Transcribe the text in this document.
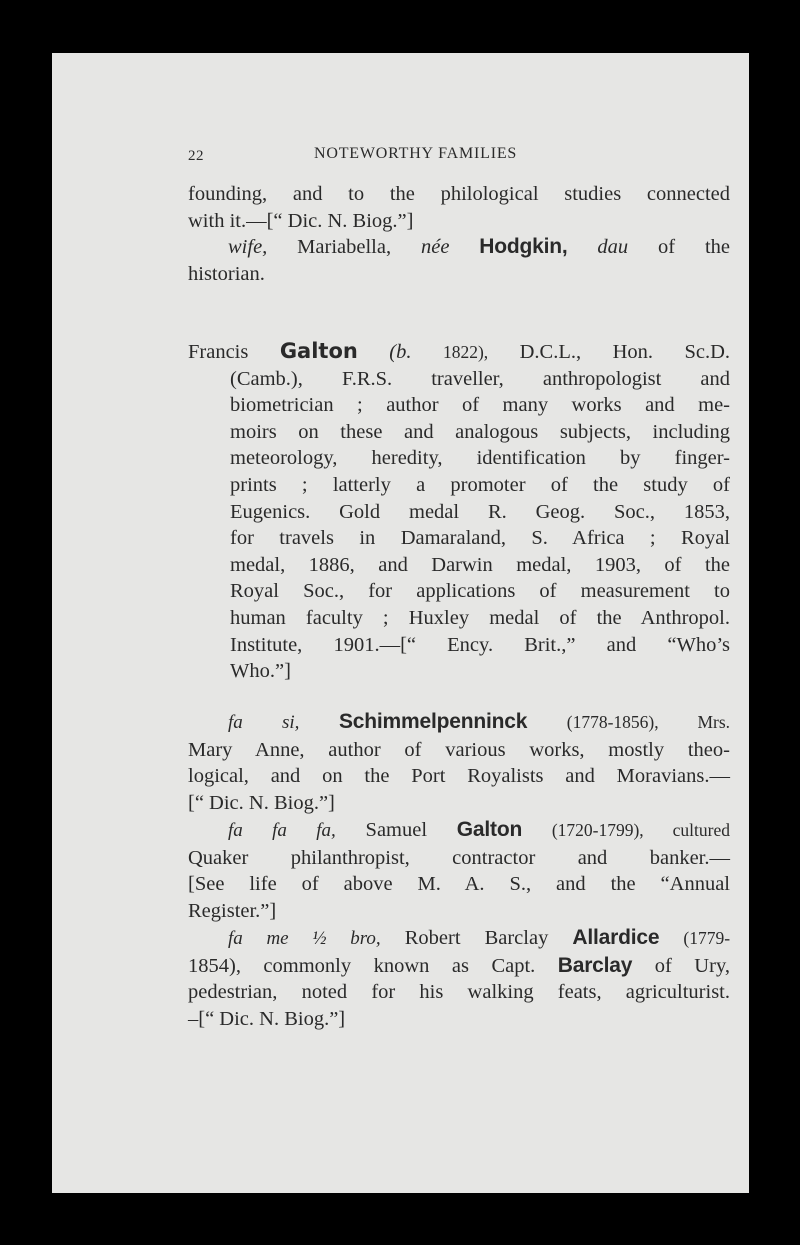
22	NOTEWORTHY FAMILIES
founding, and to the philological studies connected
with it.—[“ Dic. N. Biog.”]
wife, Mariabella, née Hodgkin, dau of the
historian.
Francis Galton (b. 1822), D.C.L., Hon. Sc.D.
(Camb.), F.R.S. traveller, anthropologist and
biometrician ; author of many works and me-
moirs on these and analogous subjects, including
meteorology, heredity, identification by finger-
prints ; latterly a promoter of the study of
Eugenics. Gold medal R. Geog. Soc., 1853,
for travels in Damaraland, S. Africa ; Royal
medal, 1886, and Darwin medal, 1903, of the
Royal Soc., for applications of measurement to
human faculty ; Huxley medal of the Anthropol.
Institute, 1901.—[“ Ency. Brit.,” and “Who’s
Who.”]
fa si, Schimmelpenninck (1778-1856), Mrs.
Mary Anne, author of various works, mostly theo-
logical, and on the Port Royalists and Moravians.—
[“ Dic. N. Biog.”]
fa fa fa, Samuel Galton (1720-1799), cultured
Quaker philanthropist, contractor and banker.—
[See life of above M. A. S., and the “Annual
Register.”]
fa me ½ bro, Robert Barclay Allardice (1779-
1854), commonly known as Capt. Barclay of Ury,
pedestrian, noted for his walking feats, agriculturist.
–[“ Dic. N. Biog.”]
